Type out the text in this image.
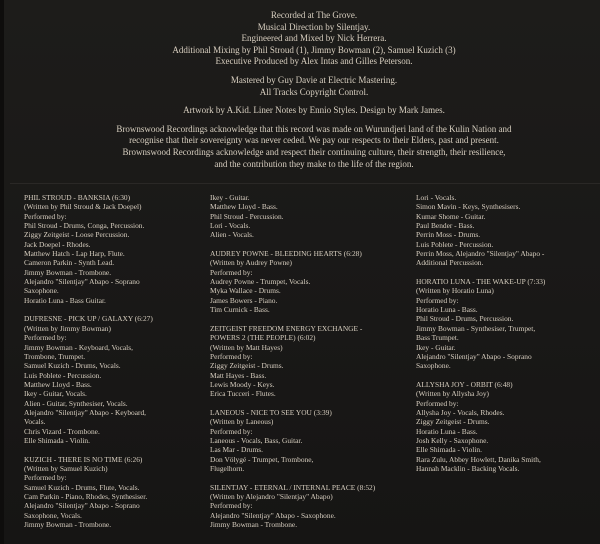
Recorded at The Grove.
Musical Direction by Silentjay.
Engineered and Mixed by Nick Herrera.
Additional Mixing by Phil Stroud (1), Jimmy Bowman (2), Samuel Kuzich (3)
Executive Produced by Alex Intas and Gilles Peterson.
Mastered by Guy Davie at Electric Mastering.
All Tracks Copyright Control.
Artwork by A.Kid. Liner Notes by Ennio Styles. Design by Mark James.
Brownswood Recordings acknowledge that this record was made on Wurundjeri land of the Kulin Nation and
recognise that their sovereignty was never ceded. We pay our respects to their Elders, past and present.
Brownswood Recordings acknowledge and respect their continuing culture, their strength, their resilience,
and the contribution they make to the life of the region.
PHIL STROUD - BANKSIA (6:30)
(Written by Phil Stroud & Jack Doepel)
Performed by:
Phil Stroud - Drums, Conga, Percussion.
Ziggy Zeitgeist - Loose Percussion.
Jack Doepel - Rhodes.
Matthew Hatch - Lap Harp, Flute.
Cameron Parkin - Synth Lead.
Jimmy Bowman - Trombone.
Alejandro "Silentjay" Abapo - Soprano
Saxophone.
Horatio Luna - Bass Guitar.
DUFRESNE - PICK UP / GALAXY (6:27)
(Written by Jimmy Bowman)
Performed by:
Jimmy Bowman - Keyboard, Vocals,
Trombone, Trumpet.
Samuel Kuzich - Drums, Vocals.
Luis Poblete - Percussion.
Matthew Lloyd - Bass.
Ikey - Guitar, Vocals.
Alien - Guitar, Synthesiser, Vocals.
Alejandro "Silentjay" Abapo - Keyboard,
Vocals.
Chris Vizard - Trombone.
Elle Shimada - Violin.
KUZICH - THERE IS NO TIME (6:26)
(Written by Samuel Kuzich)
Performed by:
Samuel Kuzich - Drums, Flute, Vocals.
Cam Parkin - Piano, Rhodes, Synthesiser.
Alejandro "Silentjay" Abapo - Soprano
Saxophone, Vocals.
Jimmy Bowman - Trombone.
Ikey - Guitar.
Matthew Lloyd - Bass.
Phil Stroud - Percussion.
Lori - Vocals.
Alien - Vocals.
AUDREY POWNE - BLEEDING HEARTS (6:28)
(Written by Audrey Powne)
Performed by:
Audrey Powne - Trumpet, Vocals.
Myka Wallace - Drums.
James Bowers - Piano.
Tim Curnick - Bass.
ZEITGEIST FREEDOM ENERGY EXCHANGE -
POWERS 2 (THE PEOPLE) (6:02)
(Written by Matt Hayes)
Performed by:
Ziggy Zeitgeist - Drums.
Matt Hayes - Bass.
Lewis Moody - Keys.
Erica Tucceri - Flutes.
LANEOUS - NICE TO SEE YOU (3:39)
(Written by Laneous)
Performed by:
Laneous - Vocals, Bass, Guitar.
Las Mar - Drums.
Don Völygé - Trumpet, Trombone,
Flugelhorn.
SILENTJAY - ETERNAL / INTERNAL PEACE (8:52)
(Written by Alejandro "Silentjay" Abapo)
Performed by:
Alejandro "Silentjay" Abapo - Saxophone.
Jimmy Bowman - Trombone.
Lori - Vocals.
Simon Mavin - Keys, Synthesisers.
Kumar Shome - Guitar.
Paul Bender - Bass.
Perrin Moss - Drums.
Luis Poblete - Percussion.
Perrin Moss, Alejandro "Silentjay" Abapo -
Additional Percussion.
HORATIO LUNA - THE WAKE-UP (7:33)
(Written by Horatio Luna)
Performed by:
Horatio Luna - Bass.
Phil Stroud - Drums, Percussion.
Jimmy Bowman - Synthesiser, Trumpet,
Bass Trumpet.
Ikey - Guitar.
Alejandro "Silentjay" Abapo - Soprano
Saxophone.
ALLYSHA JOY - ORBIT (6:48)
(Written by Allysha Joy)
Performed by:
Allysha Joy - Vocals, Rhodes.
Ziggy Zeitgeist - Drums.
Horatio Luna - Bass.
Josh Kelly - Saxophone.
Elle Shimada - Violin.
Rara Zulu, Abbey Howlett, Danika Smith,
Hannah Macklin - Backing Vocals.
